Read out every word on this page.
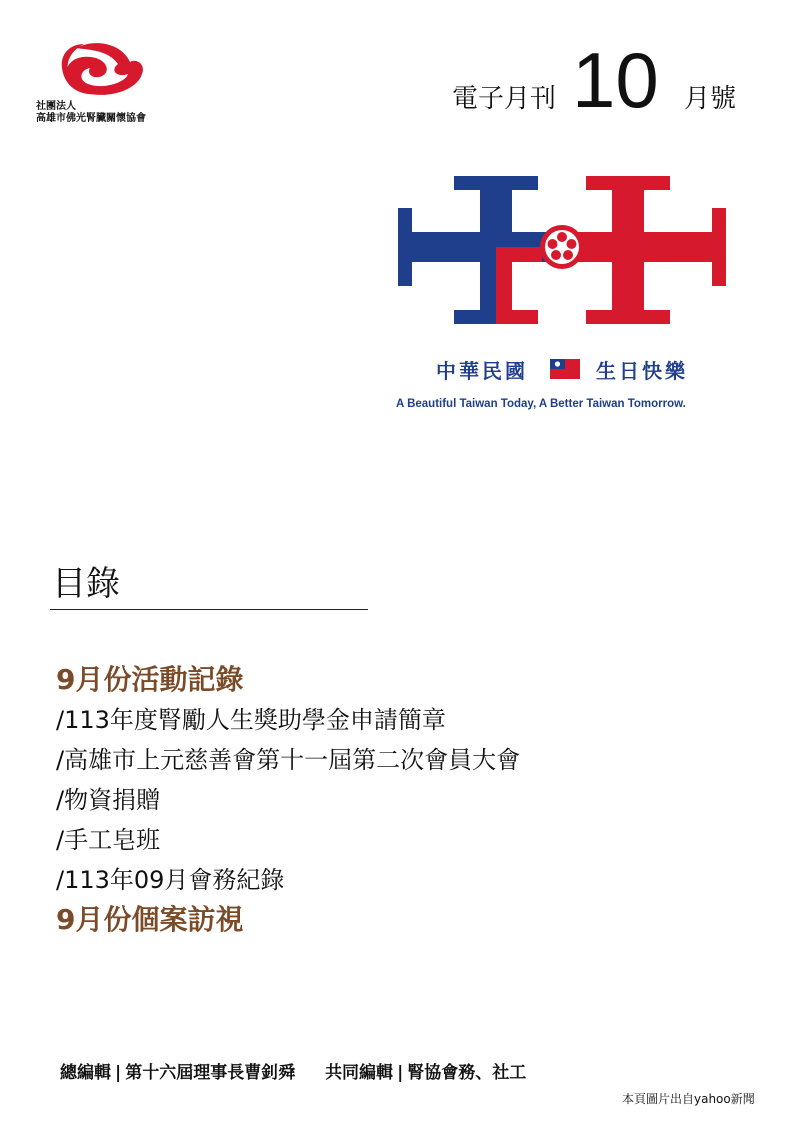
社團法人
高雄市佛光腎臟關懷協會
電子月刊 10 月號
中華民國	生日快樂
A Beautiful Taiwan Today, A Better Taiwan Tomorrow.
目錄
9月份活動記錄
/113年度腎勵人生獎助學金申請簡章
/高雄市上元慈善會第十一屆第二次會員大會
/物資捐贈
/手工皂班
/113年09月會務紀錄
9月份個案訪視
總編輯 | 第十六屆理事長曹釗舜 共同編輯 | 腎協會務、社工
本頁圖片出自yahoo新聞
